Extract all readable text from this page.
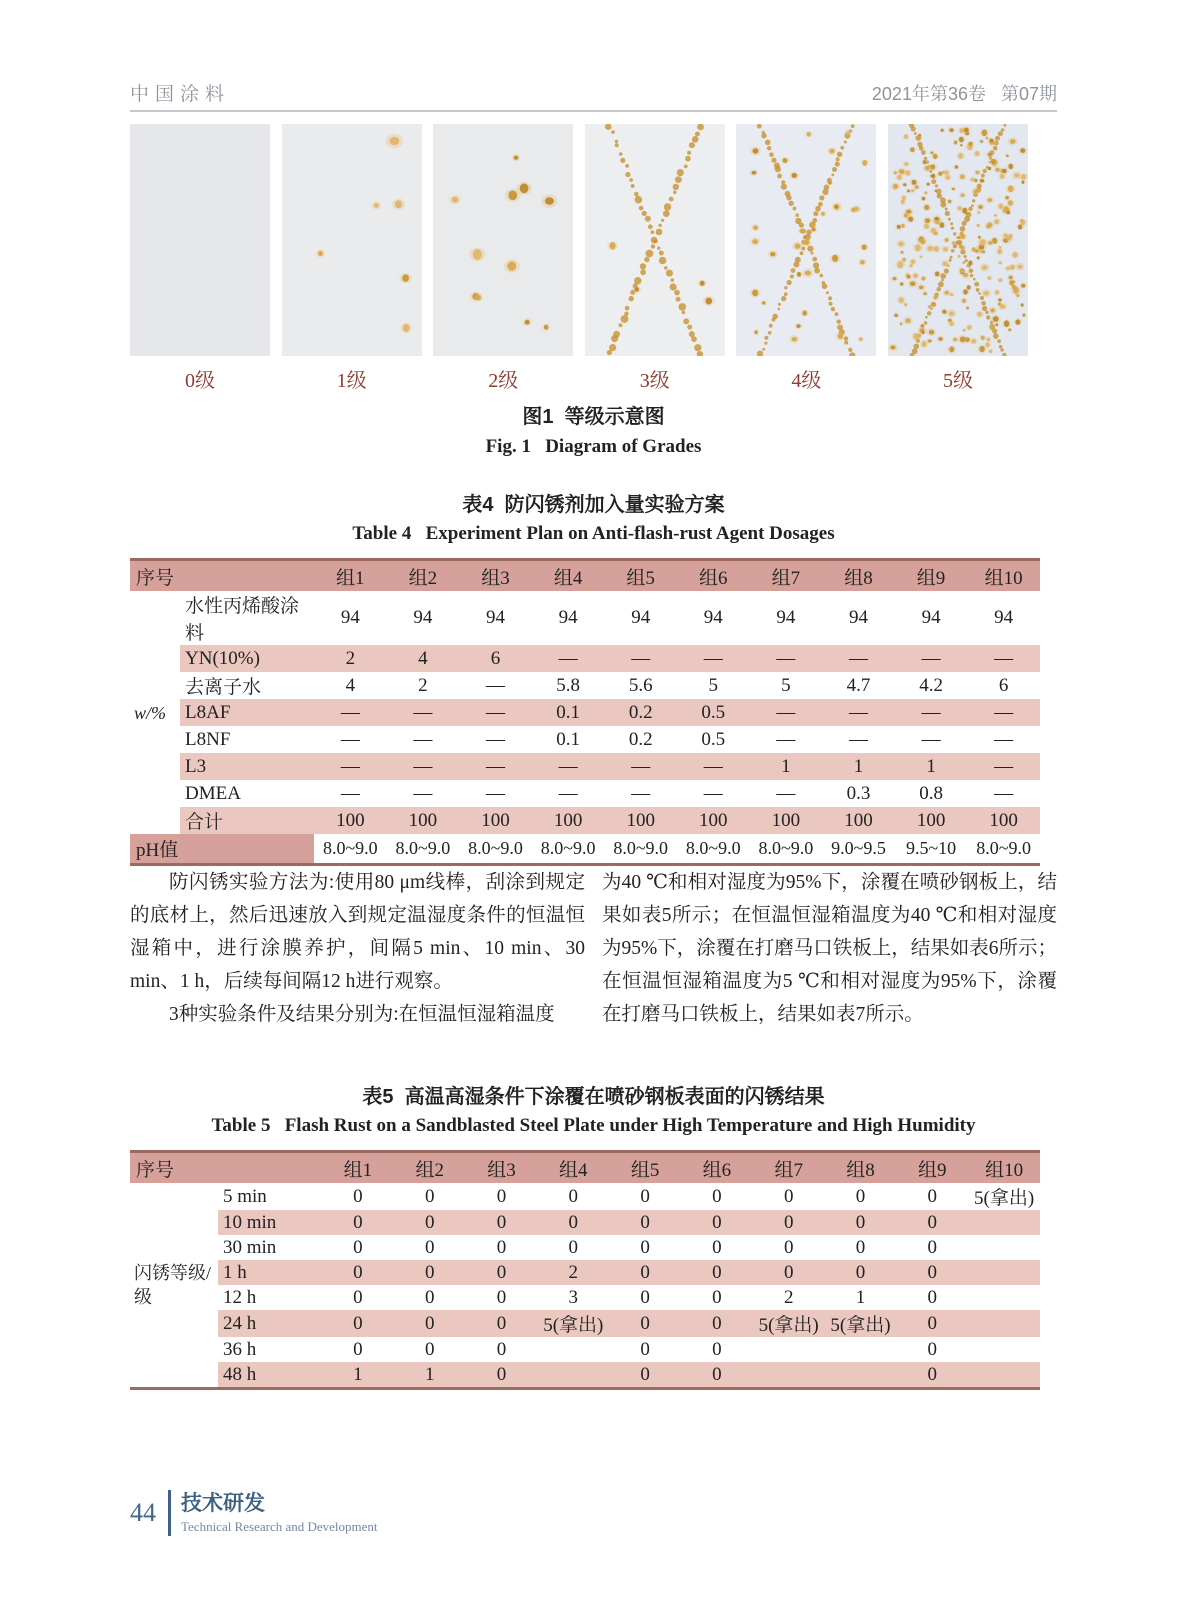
中国涂料	2021年第36卷   第07期
0级	1级	2级	3级	4级	5级
图1  等级示意图
Fig. 1   Diagram of Grades
表4  防闪锈剂加入量实验方案
Table 4   Experiment Plan on Anti-flash-rust Agent Dosages
序号		组1	组2	组3	组4	组5	组6	组7	组8	组9	组10
w/%	水性丙烯酸涂料	94	94	94	94	94	94	94	94	94	94
	YN(10%)	2	4	6	—	—	—	—	—	—	—
	去离子水	4	2	—	5.8	5.6	5	5	4.7	4.2	6
	L8AF	—	—	—	0.1	0.2	0.5	—	—	—	—
	L8NF	—	—	—	0.1	0.2	0.5	—	—	—	—
	L3	—	—	—	—	—	—	1	1	1	—
	DMEA	—	—	—	—	—	—	—	0.3	0.8	—
	合计	100	100	100	100	100	100	100	100	100	100
pH值		8.0~9.0	8.0~9.0	8.0~9.0	8.0~9.0	8.0~9.0	8.0~9.0	8.0~9.0	9.0~9.5	9.5~10	8.0~9.0

防闪锈实验方法为:使用80 μm线棒，刮涂到规定的底材上，然后迅速放入到规定温湿度条件的恒温恒湿箱中，进行涂膜养护，间隔5 min、10 min、30 min、1 h，后续每间隔12 h进行观察。

3种实验条件及结果分别为:在恒温恒湿箱温度

为40 ℃和相对湿度为95%下，涂覆在喷砂钢板上，结果如表5所示；在恒温恒湿箱温度为40 ℃和相对湿度为95%下，涂覆在打磨马口铁板上，结果如表6所示；在恒温恒湿箱温度为5 ℃和相对湿度为95%下，涂覆在打磨马口铁板上，结果如表7所示。

表5  高温高湿条件下涂覆在喷砂钢板表面的闪锈结果
Table 5   Flash Rust on a Sandblasted Steel Plate under High Temperature and High Humidity
序号		组1	组2	组3	组4	组5	组6	组7	组8	组9	组10
闪锈等级/级	5 min	0	0	0	0	0	0	0	0	0	5(拿出)
	10 min	0	0	0	0	0	0	0	0	0	
	30 min	0	0	0	0	0	0	0	0	0	
	1 h	0	0	0	2	0	0	0	0	0	
	12 h	0	0	0	3	0	0	2	1	0	
	24 h	0	0	0	5(拿出)	0	0	5(拿出)	5(拿出)	0	
	36 h	0	0	0		0	0			0	
	48 h	1	1	0		0	0			0	
44 技术研发
Technical Research and Development
